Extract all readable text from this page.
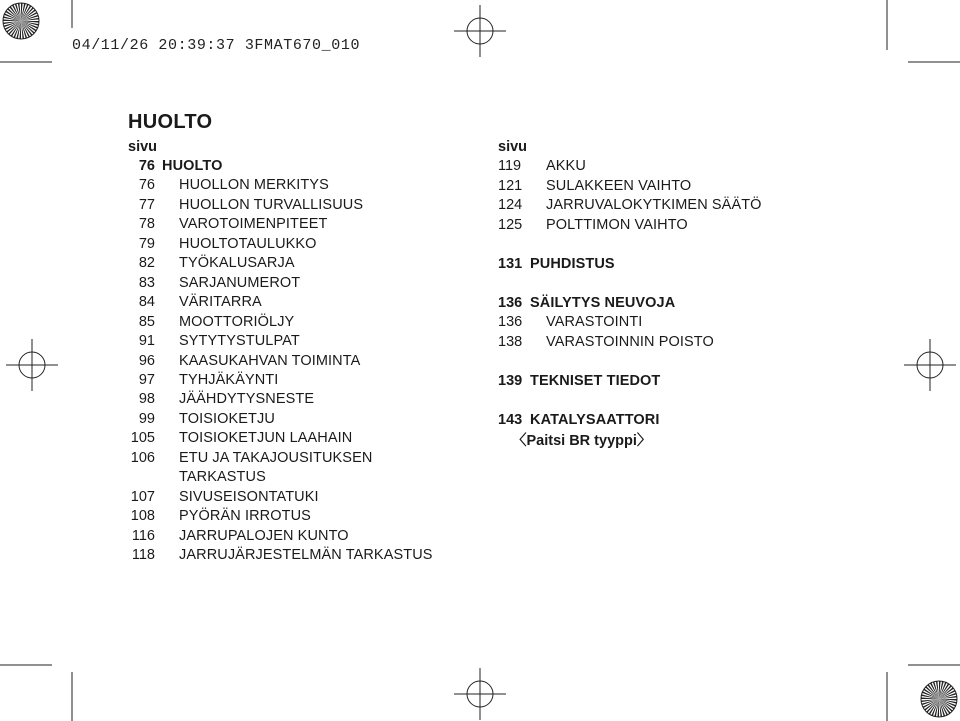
04/11/26 20:39:37 3FMAT670_010
HUOLTO
sivu	sivu
76 HUOLTO
76 HUOLLON MERKITYS
77 HUOLLON TURVALLISUUS
78 VAROTOIMENPITEET
79 HUOLTOTAULUKKO
82 TYÖKALUSARJA
83 SARJANUMEROT
84 VÄRITARRA
85 MOOTTORIÖLJY
91 SYTYTYSTULPAT
96 KAASUKAHVAN TOIMINTA
97 TYHJÄKÄYNTI
98 JÄÄHDYTYSNESTE
99 TOISIOKETJU
105 TOISIOKETJUN LAAHAIN
106 ETU JA TAKAJOUSITUKSEN
TARKASTUS
107 SIVUSEISONTATUKI
108 PYÖRÄN IRROTUS
116 JARRUPALOJEN KUNTO
118 JARRUJÄRJESTELMÄN TARKASTUS
119	AKKU
121	SULAKKEEN VAIHTO
124	JARRUVALOKYTKIMEN SÄÄTÖ
125	POLTTIMON VAIHTO
131 PUHDISTUS
136 SÄILYTYS NEUVOJA
136	VARASTOINTI
138	VARASTOINNIN POISTO
139 TEKNISET TIEDOT
143 KATALYSAATTORI
〈Paitsi BR tyyppi〉
